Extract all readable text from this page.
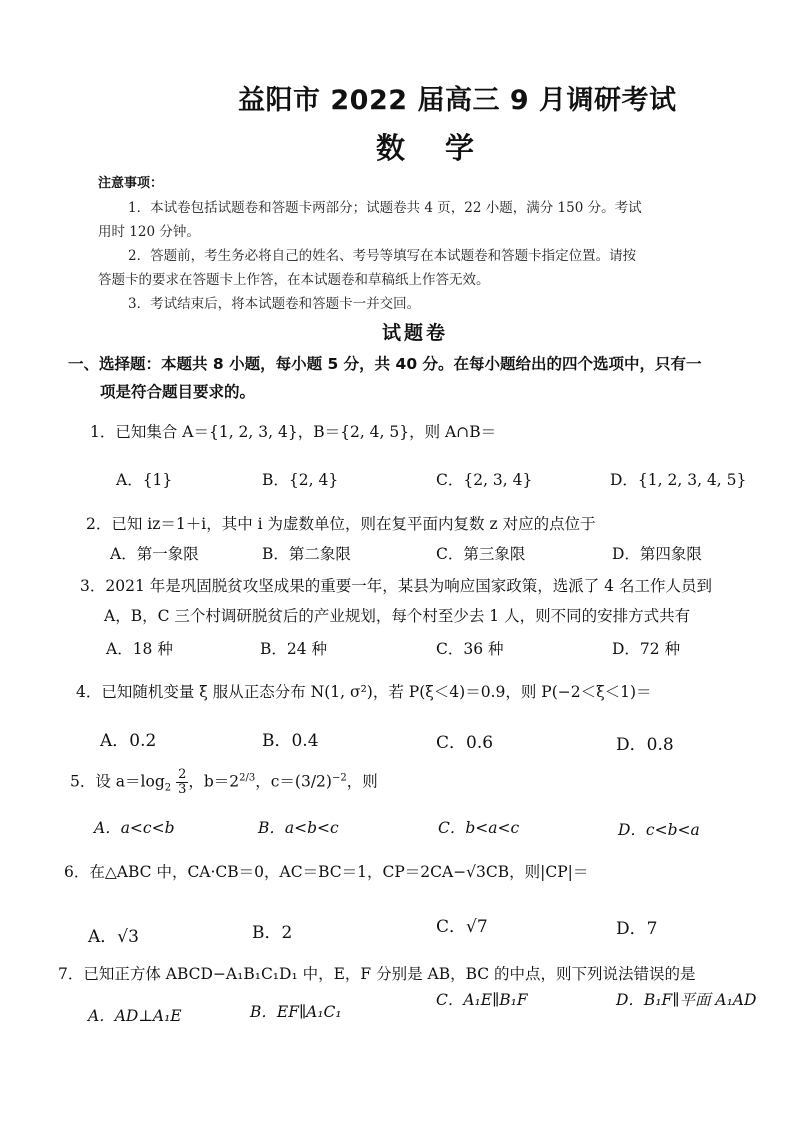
益阳市 2022 届高三 9 月调研考试
数学
注意事项：
1．本试卷包括试题卷和答题卡两部分；试题卷共 4 页，22 小题，满分 150 分。考试
用时 120 分钟。
2．答题前，考生务必将自己的姓名、考号等填写在本试题卷和答题卡指定位置。请按
答题卡的要求在答题卡上作答，在本试题卷和草稿纸上作答无效。
3．考试结束后，将本试题卷和答题卡一并交回。
试题卷
一、选择题：本题共 8 小题，每小题 5 分，共 40 分。在每小题给出的四个选项中，只有一
项是符合题目要求的。
1．已知集合 A＝{1, 2, 3, 4}，B＝{2, 4, 5}，则 A∩B＝
A．{1}	B．{2, 4}	C．{2, 3, 4}	D．{1, 2, 3, 4, 5}
2．已知 iz＝1＋i，其中 i 为虚数单位，则在复平面内复数 z 对应的点位于
A．第一象限	B．第二象限	C．第三象限	D．第四象限
3．2021 年是巩固脱贫攻坚成果的重要一年，某县为响应国家政策，选派了 4 名工作人员到
A，B，C 三个村调研脱贫后的产业规划，每个村至少去 1 人，则不同的安排方式共有
A．18 种	B．24 种	C．36 种	D．72 种
4．已知随机变量 ξ 服从正态分布 N(1, σ²)，若 P(ξ＜4)＝0.9，则 P(−2＜ξ＜1)＝
A．0.2	B．0.4	C．0.6	D．0.8
5．设 $a=\log_2 \frac{2}{3}$ ，$b=2^{2/3}$，$c=(3/2)^{-2}$，则
A．a<c<b	B．a<b<c	C．b<a<c	D．c<b<a
6．在△ABC 中，CA·CB＝0，AC＝BC＝1，CP＝2CA−√3CB，则|CP|＝
A．√3	B．2	C．√7	D．7
7．已知正方体 ABCD−A₁B₁C₁D₁ 中，E，F 分别是 AB，BC 的中点，则下列说法错误的是
A．AD⊥A₁E	B．EF∥A₁C₁
C．A₁E∥B₁F	D．B₁F∥平面 A₁AD
